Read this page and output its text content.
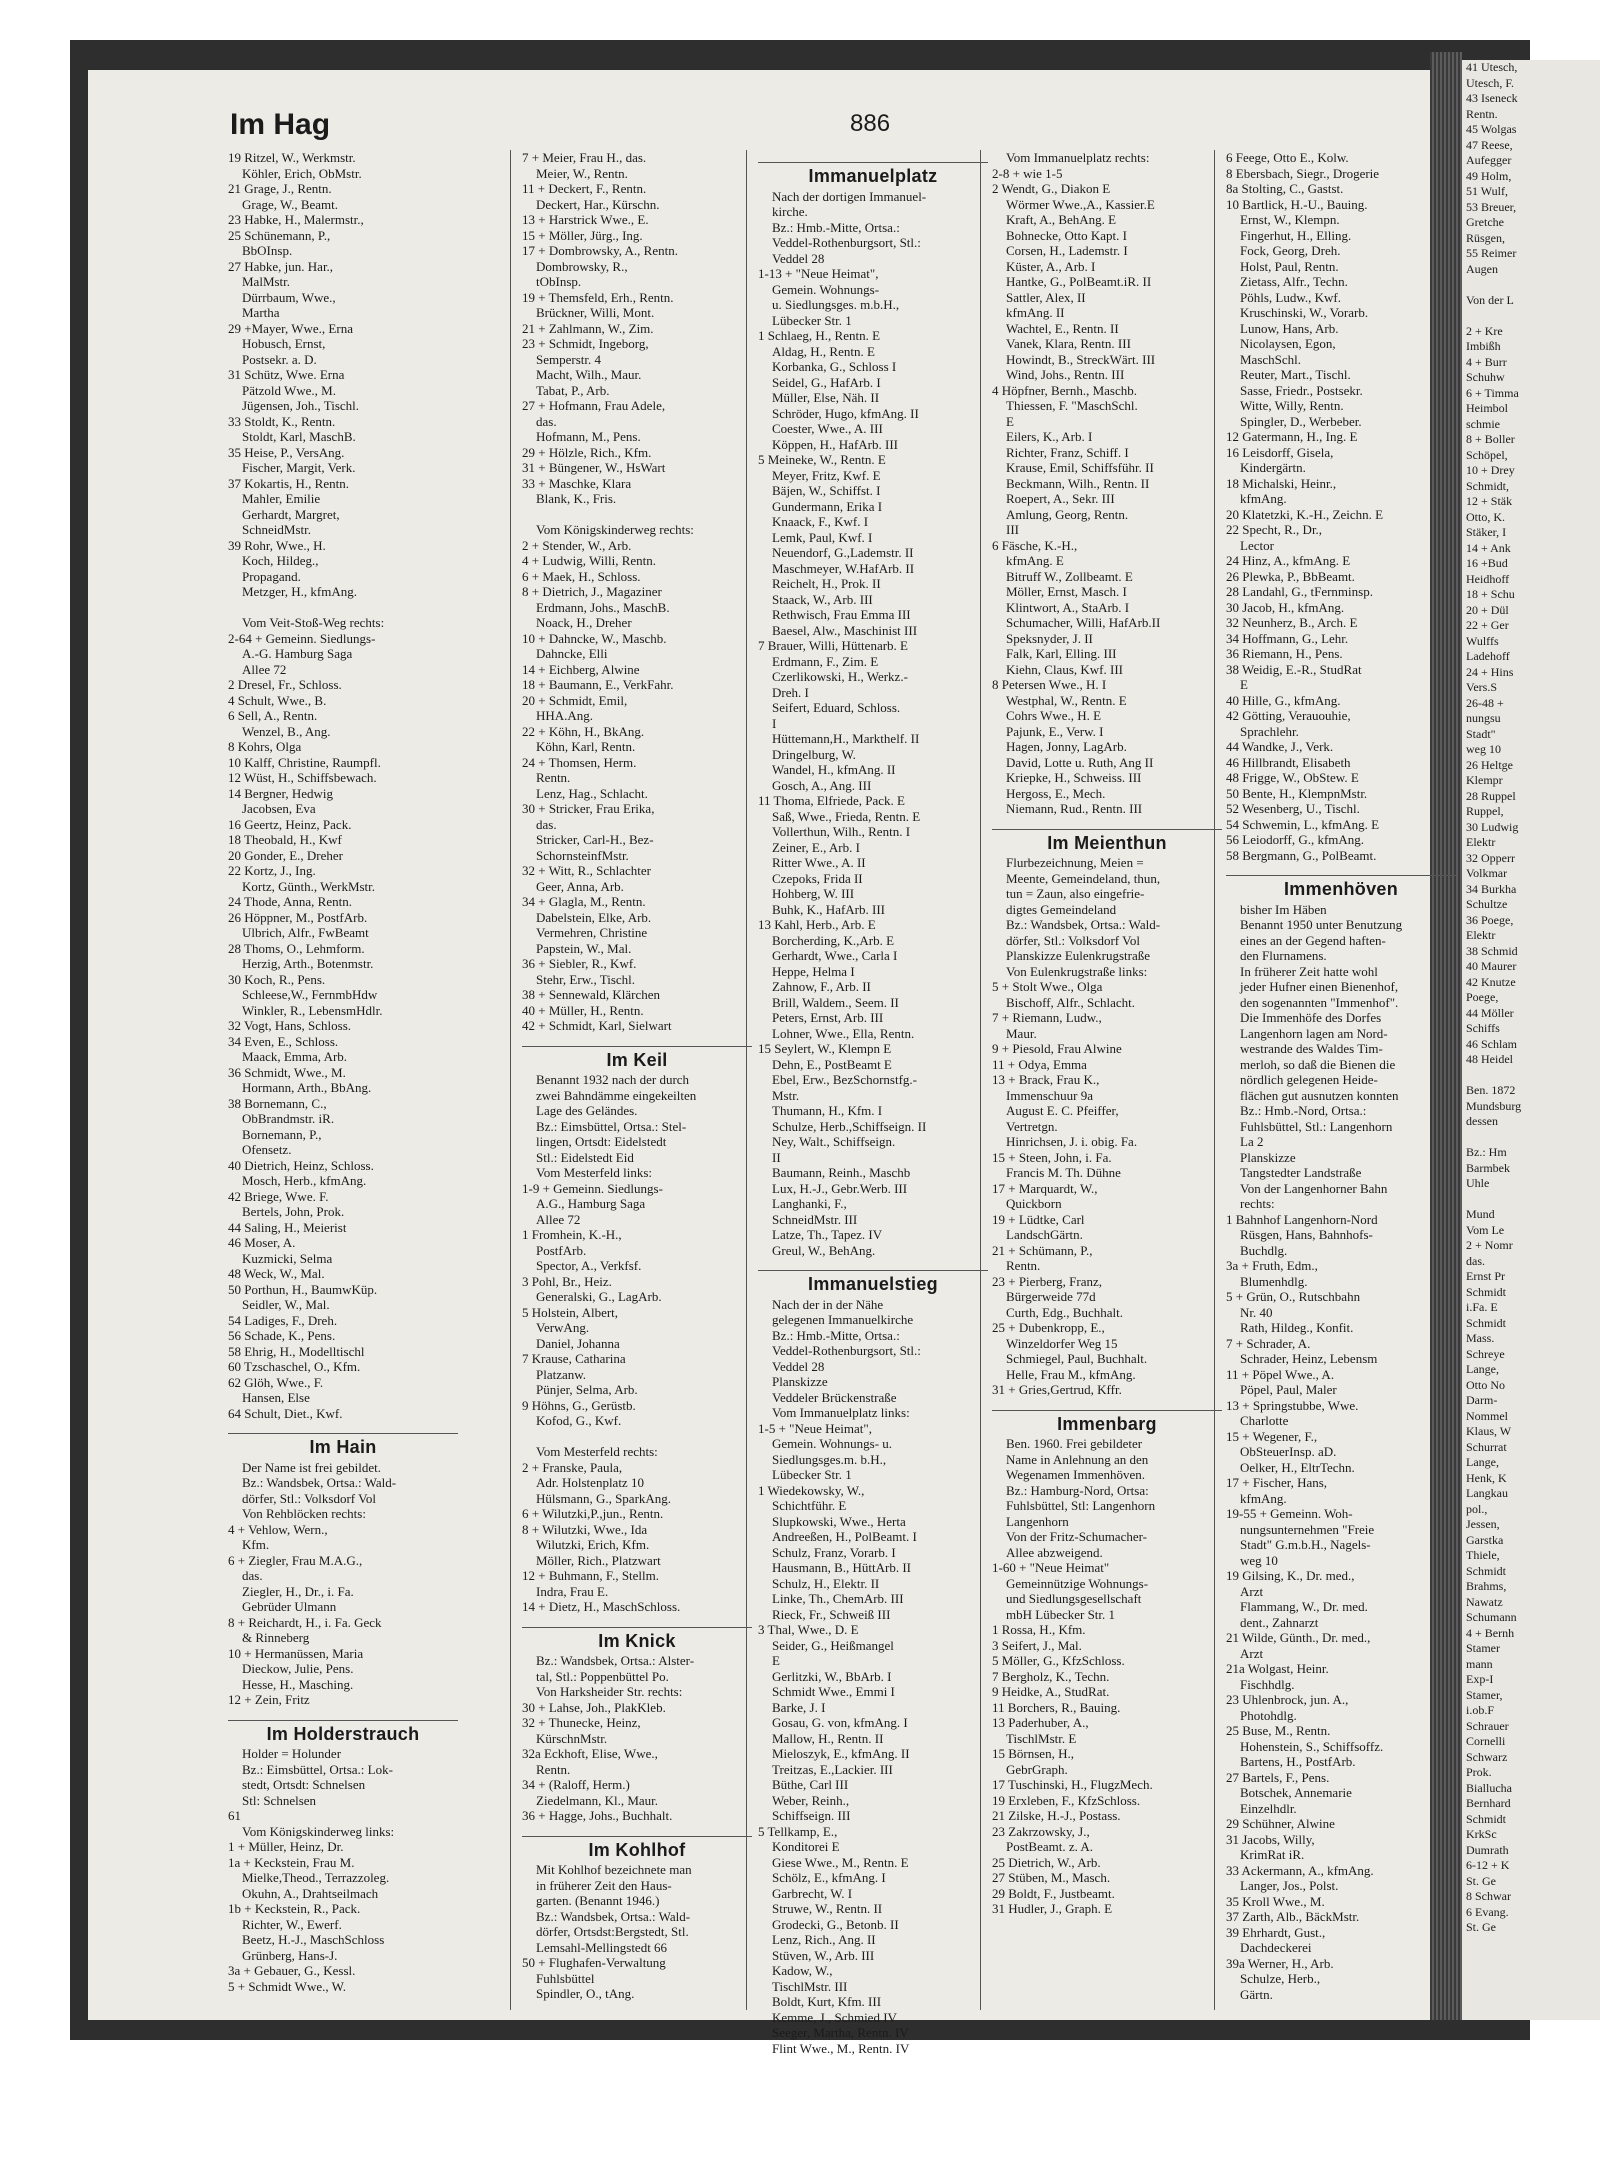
41 Utesch,
Utesch, F.
43 Iseneck
Rentn.
45 Wolgas
47 Reese,
Aufegger
49 Holm,
51 Wulf,
53 Breuer,
Gretche
Rüsgen,
55 Reimer
Augen

Von der L

2 + Kre
Imbißh
4 + Burr
Schuhw
6 + Timma
Heimbol
schmie
8 + Boller
Schöpel,
10 + Drey
Schmidt,
12 + Stäk
Otto, K.
Stäker, I
14 + Ank
16 +Bud
Heidhoff
18 + Schu
20 + Dül
22 + Ger
Wulffs
Ladehoff
24 + Hins
Vers.S
26-48 +
nungsu
Stadt"
weg 10
26 Heltge
Klempr
28 Ruppel
Ruppel,
30 Ludwig
Elektr
32 Opperr
Volkmar
34 Burkha
Schultze
36 Poege,
Elektr
38 Schmid
40 Maurer
42 Knutze
Poege,
44 Möller
Schiffs
46 Schlam
48 Heidel

Ben. 1872
Mundsburg
dessen

Bz.: Hm
Barmbek
Uhle

Mund
Vom Le
2 + Nomr
das.
Ernst Pr
Schmidt
i.Fa. E
Schmidt
Mass.
Schreye
Lange,
Otto No
Darm-
Nommel
Klaus, W
Schurrat
Lange,
Henk, K
Langkau
pol.,
Jessen,
Garstka
Thiele,
Schmidt
Brahms,
Nawatz
Schumann
4 + Bernh
Stamer
mann
Exp-I
Stamer,
i.ob.F
Schrauer
Cornelli
Schwarz
Prok.
Biallucha
Bernhard
Schmidt
KrkSc
Dumrath
6-12 + K
St. Ge
8 Schwar
6 Evang.
St. Ge
Im Hag	886
19 Ritzel, W., Werkmstr.
Köhler, Erich, ObMstr.
21 Grage, J., Rentn.
Grage, W., Beamt.
23 Habke, H., Malermstr.,
25 Schünemann, P.,
BbOInsp.
27 Habke, jun. Har.,
MalMstr.
Dürrbaum, Wwe.,
Martha
29 +Mayer, Wwe., Erna
Hobusch, Ernst,
Postsekr. a. D.
31 Schütz, Wwe. Erna
Pätzold Wwe., M.
Jügensen, Joh., Tischl.
33 Stoldt, K., Rentn.
Stoldt, Karl, MaschB.
35 Heise, P., VersAng.
Fischer, Margit, Verk.
37 Kokartis, H., Rentn.
Mahler, Emilie
Gerhardt, Margret,
SchneidMstr.
39 Rohr, Wwe., H.
Koch, Hildeg.,
Propagand.
Metzger, H., kfmAng.

Vom Veit-Stoß-Weg rechts:
2-64 + Gemeinn. Siedlungs-
A.-G. Hamburg Saga
Allee 72
2 Dresel, Fr., Schloss.
4 Schult, Wwe., B.
6 Sell, A., Rentn.
Wenzel, B., Ang.
8 Kohrs, Olga
10 Kalff, Christine, Raumpfl.
12 Wüst, H., Schiffsbewach.
14 Bergner, Hedwig
Jacobsen, Eva
16 Geertz, Heinz, Pack.
18 Theobald, H., Kwf
20 Gonder, E., Dreher
22 Kortz, J., Ing.
Kortz, Günth., WerkMstr.
24 Thode, Anna, Rentn.
26 Höppner, M., PostfArb.
Ulbrich, Alfr., FwBeamt
28 Thoms, O., Lehmform.
Herzig, Arth., Botenmstr.
30 Koch, R., Pens.
Schleese,W., FernmbHdw
Winkler, R., LebensmHdlr.
32 Vogt, Hans, Schloss.
34 Even, E., Schloss.
Maack, Emma, Arb.
36 Schmidt, Wwe., M.
Hormann, Arth., BbAng.
38 Bornemann, C.,
ObBrandmstr. iR.
Bornemann, P.,
Ofensetz.
40 Dietrich, Heinz, Schloss.
Mosch, Herb., kfmAng.
42 Briege, Wwe. F.
Bertels, John, Prok.
44 Saling, H., Meierist
46 Moser, A.
Kuzmicki, Selma
48 Weck, W., Mal.
50 Porthun, H., BaumwKüp.
Seidler, W., Mal.
54 Ladiges, F., Dreh.
56 Schade, K., Pens.
58 Ehrig, H., Modelltischl
60 Tzschaschel, O., Kfm.
62 Glöh, Wwe., F.
Hansen, Else
64 Schult, Diet., Kwf.
Im Hain
Der Name ist frei gebildet.
Bz.: Wandsbek, Ortsa.: Wald-
dörfer, Stl.: Volksdorf Vol
Von Rehblöcken rechts:
4 + Vehlow, Wern.,
Kfm.
6 + Ziegler, Frau M.A.G.,
das.
Ziegler, H., Dr., i. Fa.
Gebrüder Ulmann
8 + Reichardt, H., i. Fa. Geck
& Rinneberg
10 + Hermanüssen, Maria
Dieckow, Julie, Pens.
Hesse, H., Masching.
12 + Zein, Fritz
Im Holderstrauch
Holder = Holunder
Bz.: Eimsbüttel, Ortsa.: Lok-
stedt, Ortsdt: Schnelsen
Stl: Schnelsen
61
Vom Königskinderweg links:
1 + Müller, Heinz, Dr.
1a + Keckstein, Frau M.
Mielke,Theod., Terrazzoleg.
Okuhn, A., Drahtseilmach
1b + Keckstein, R., Pack.
Richter, W., Ewerf.
Beetz, H.-J., MaschSchloss
Grünberg, Hans-J.
3a + Gebauer, G., Kessl.
5 + Schmidt Wwe., W.
7 + Meier, Frau H., das.
Meier, W., Rentn.
11 + Deckert, F., Rentn.
Deckert, Har., Kürschn.
13 + Harstrick Wwe., E.
15 + Möller, Jürg., Ing.
17 + Dombrowsky, A., Rentn.
Dombrowsky, R.,
tObInsp.
19 + Themsfeld, Erh., Rentn.
Brückner, Willi, Mont.
21 + Zahlmann, W., Zim.
23 + Schmidt, Ingeborg,
Semperstr. 4
Macht, Wilh., Maur.
Tabat, P., Arb.
27 + Hofmann, Frau Adele,
das.
Hofmann, M., Pens.
29 + Hölzle, Rich., Kfm.
31 + Büngener, W., HsWart
33 + Maschke, Klara
Blank, K., Fris.

Vom Königskinderweg rechts:
2 + Stender, W., Arb.
4 + Ludwig, Willi, Rentn.
6 + Maek, H., Schloss.
8 + Dietrich, J., Magaziner
Erdmann, Johs., MaschB.
Noack, H., Dreher
10 + Dahncke, W., Maschb.
Dahncke, Elli
14 + Eichberg, Alwine
18 + Baumann, E., VerkFahr.
20 + Schmidt, Emil,
HHA.Ang.
22 + Köhn, H., BkAng.
Köhn, Karl, Rentn.
24 + Thomsen, Herm.
Rentn.
Lenz, Hag., Schlacht.
30 + Stricker, Frau Erika,
das.
Stricker, Carl-H., Bez-
SchornsteinfMstr.
32 + Witt, R., Schlachter
Geer, Anna, Arb.
34 + Glagla, M., Rentn.
Dabelstein, Elke, Arb.
Vermehren, Christine
Papstein, W., Mal.
36 + Siebler, R., Kwf.
Stehr, Erw., Tischl.
38 + Sennewald, Klärchen
40 + Müller, H., Rentn.
42 + Schmidt, Karl, Sielwart
Im Keil
Benannt 1932 nach der durch
zwei Bahndämme eingekeilten
Lage des Geländes.
Bz.: Eimsbüttel, Ortsa.: Stel-
lingen, Ortsdt: Eidelstedt
Stl.: Eidelstedt Eid
Vom Mesterfeld links:
1-9 + Gemeinn. Siedlungs-
A.G., Hamburg Saga
Allee 72
1 Fromhein, K.-H.,
PostfArb.
Spector, A., Verkfsf.
3 Pohl, Br., Heiz.
Generalski, G., LagArb.
5 Holstein, Albert,
VerwAng.
Daniel, Johanna
7 Krause, Catharina
Platzanw.
Pünjer, Selma, Arb.
9 Höhns, G., Gerüstb.
Kofod, G., Kwf.

Vom Mesterfeld rechts:
2 + Franske, Paula,
Adr. Holstenplatz 10
Hülsmann, G., SparkAng.
6 + Wilutzki,P.,jun., Rentn.
8 + Wilutzki, Wwe., Ida
Wilutzki, Erich, Kfm.
Möller, Rich., Platzwart
12 + Buhmann, F., Stellm.
Indra, Frau E.
14 + Dietz, H., MaschSchloss.
Im Knick
Bz.: Wandsbek, Ortsa.: Alster-
tal, Stl.: Poppenbüttel Po.
Von Harksheider Str. rechts:
30 + Lahse, Joh., PlakKleb.
32 + Thunecke, Heinz,
KürschnMstr.
32a Eckhoft, Elise, Wwe.,
Rentn.
34 + (Raloff, Herm.)
Ziedelmann, Kl., Maur.
36 + Hagge, Johs., Buchhalt.
Im Kohlhof
Mit Kohlhof bezeichnete man
in früherer Zeit den Haus-
garten. (Benannt 1946.)
Bz.: Wandsbek, Ortsa.: Wald-
dörfer, Ortsdst:Bergstedt, Stl.
Lemsahl-Mellingstedt 66
50 + Flughafen-Verwaltung
Fuhlsbüttel
Spindler, O., tAng.
Immanuelplatz
Nach der dortigen Immanuel-
kirche.
Bz.: Hmb.-Mitte, Ortsa.:
Veddel-Rothenburgsort, Stl.:
Veddel 28
1-13 + "Neue Heimat",
Gemein. Wohnungs-
u. Siedlungsges. m.b.H.,
Lübecker Str. 1
1 Schlaeg, H., Rentn. E
Aldag, H., Rentn. E
Korbanka, G., Schloss I
Seidel, G., HafArb. I
Müller, Else, Näh. II
Schröder, Hugo, kfmAng. II
Coester, Wwe., A. III
Köppen, H., HafArb. III
5 Meineke, W., Rentn. E
Meyer, Fritz, Kwf. E
Bäjen, W., Schiffst. I
Gundermann, Erika I
Knaack, F., Kwf. I
Lemk, Paul, Kwf. I
Neuendorf, G.,Lademstr. II
Maschmeyer, W.HafArb. II
Reichelt, H., Prok. II
Staack, W., Arb. III
Rethwisch, Frau Emma III
Baesel, Alw., Maschinist III
7 Brauer, Willi, Hüttenarb. E
Erdmann, F., Zim. E
Czerlikowski, H., Werkz.-
Dreh. I
Seifert, Eduard, Schloss.
I
Hüttemann,H., Markthelf. II
Dringelburg, W.
Wandel, H., kfmAng. II
Gosch, A., Ang. III
11 Thoma, Elfriede, Pack. E
Saß, Wwe., Frieda, Rentn. E
Vollerthun, Wilh., Rentn. I
Zeiner, E., Arb. I
Ritter Wwe., A. II
Czepoks, Frida II
Hohberg, W. III
Buhk, K., HafArb. III
13 Kahl, Herb., Arb. E
Borcherding, K.,Arb. E
Gerhardt, Wwe., Carla I
Heppe, Helma I
Zahnow, F., Arb. II
Brill, Waldem., Seem. II
Peters, Ernst, Arb. III
Lohner, Wwe., Ella, Rentn.
15 Seylert, W., Klempn E
Dehn, E., PostBeamt E
Ebel, Erw., BezSchornstfg.-
Mstr.
Thumann, H., Kfm. I
Schulze, Herb.,Schiffseign. II
Ney, Walt., Schiffseign.
II
Baumann, Reinh., Maschb
Lux, H.-J., Gebr.Werb. III
Langhanki, F.,
SchneidMstr. III
Latze, Th., Tapez. IV
Greul, W., BehAng.
Immanuelstieg
Nach der in der Nähe
gelegenen Immanuelkirche
Bz.: Hmb.-Mitte, Ortsa.:
Veddel-Rothenburgsort, Stl.:
Veddel 28
Planskizze
Veddeler Brückenstraße
Vom Immanuelplatz links:
1-5 + "Neue Heimat",
Gemein. Wohnungs- u.
Siedlungsges.m. b.H.,
Lübecker Str. 1
1 Wiedekowsky, W.,
Schichtführ. E
Slupkowski, Wwe., Herta
Andreeßen, H., PolBeamt. I
Schulz, Franz, Vorarb. I
Hausmann, B., HüttArb. II
Schulz, H., Elektr. II
Linke, Th., ChemArb. III
Rieck, Fr., Schweiß III
3 Thal, Wwe., D. E
Seider, G., Heißmangel
E
Gerlitzki, W., BbArb. I
Schmidt Wwe., Emmi I
Barke, J. I
Gosau, G. von, kfmAng. I
Mallow, H., Rentn. II
Mieloszyk, E., kfmAng. II
Treitzas, E.,Lackier. III
Büthe, Carl III
Weber, Reinh.,
Schiffseign. III
5 Tellkamp, E.,
Konditorei E
Giese Wwe., M., Rentn. E
Schölz, E., kfmAng. I
Garbrecht, W. I
Struwe, W., Rentn. II
Grodecki, G., Betonb. II
Lenz, Rich., Ang. II
Stüven, W., Arb. III
Kadow, W.,
TischlMstr. III
Boldt, Kurt, Kfm. III
Kemme, J., Schmied IV
Seeger, Martha, Rentn. IV
Flint Wwe., M., Rentn. IV
Vom Immanuelplatz rechts:
2-8 + wie 1-5
2 Wendt, G., Diakon E
Wörmer Wwe.,A., Kassier.E
Kraft, A., BehAng. E
Bohnecke, Otto Kapt. I
Corsen, H., Lademstr. I
Küster, A., Arb. I
Hantke, G., PolBeamt.iR. II
Sattler, Alex, II
kfmAng. II
Wachtel, E., Rentn. II
Vanek, Klara, Rentn. III
Howindt, B., StreckWärt. III
Wind, Johs., Rentn. III
4 Höpfner, Bernh., Maschb.
Thiessen, F. "MaschSchl.
E
Eilers, K., Arb. I
Richter, Franz, Schiff. I
Krause, Emil, Schiffsführ. II
Beckmann, Wilh., Rentn. II
Roepert, A., Sekr. III
Amlung, Georg, Rentn.
III
6 Fäsche, K.-H.,
kfmAng. E
Bitruff W., Zollbeamt. E
Möller, Ernst, Masch. I
Klintwort, A., StaArb. I
Schumacher, Willi, HafArb.II
Speksnyder, J. II
Falk, Karl, Elling. III
Kiehn, Claus, Kwf. III
8 Petersen Wwe., H. I
Westphal, W., Rentn. E
Cohrs Wwe., H. E
Pajunk, E., Verw. I
Hagen, Jonny, LagArb.
David, Lotte u. Ruth, Ang II
Kriepke, H., Schweiss. III
Hergoss, E., Mech.
Niemann, Rud., Rentn. III
Im Meienthun
Flurbezeichnung, Meien =
Meente, Gemeindeland, thun,
tun = Zaun, also eingefrie-
digtes Gemeindeland
Bz.: Wandsbek, Ortsa.: Wald-
dörfer, Stl.: Volksdorf Vol
Planskizze Eulenkrugstraße
Von Eulenkrugstraße links:
5 + Stolt Wwe., Olga
Bischoff, Alfr., Schlacht.
7 + Riemann, Ludw.,
Maur.
9 + Piesold, Frau Alwine
11 + Odya, Emma
13 + Brack, Frau K.,
Immenschuur 9a
August E. C. Pfeiffer,
Vertretgn.
Hinrichsen, J. i. obig. Fa.
15 + Steen, John, i. Fa.
Francis M. Th. Dühne
17 + Marquardt, W.,
Quickborn
19 + Lüdtke, Carl
LandschGärtn.
21 + Schümann, P.,
Rentn.
23 + Pierberg, Franz,
Bürgerweide 77d
Curth, Edg., Buchhalt.
25 + Dubenkropp, E.,
Winzeldorfer Weg 15
Schmiegel, Paul, Buchhalt.
Helle, Frau M., kfmAng.
31 + Gries,Gertrud, Kffr.
Immenbarg
Ben. 1960. Frei gebildeter
Name in Anlehnung an den
Wegenamen Immenhöven.
Bz.: Hamburg-Nord, Ortsa:
Fuhlsbüttel, Stl: Langenhorn
Langenhorn
Von der Fritz-Schumacher-
Allee abzweigend.
1-60 + "Neue Heimat"
Gemeinnützige Wohnungs-
und Siedlungsgesellschaft
mbH Lübecker Str. 1
1 Rossa, H., Kfm.
3 Seifert, J., Mal.
5 Möller, G., KfzSchloss.
7 Bergholz, K., Techn.
9 Heidke, A., StudRat.
11 Borchers, R., Bauing.
13 Paderhuber, A.,
TischlMstr. E
15 Börnsen, H.,
GebrGraph.
17 Tuschinski, H., FlugzMech.
19 Erxleben, F., KfzSchloss.
21 Zilske, H.-J., Postass.
23 Zakrzowsky, J.,
PostBeamt. z. A.
25 Dietrich, W., Arb.
27 Stüben, M., Masch.
29 Boldt, F., Justbeamt.
31 Hudler, J., Graph. E
6 Feege, Otto E., Kolw.
8 Ebersbach, Siegr., Drogerie
8a Stolting, C., Gastst.
10 Bartlick, H.-U., Bauing.
Ernst, W., Klempn.
Fingerhut, H., Elling.
Fock, Georg, Dreh.
Holst, Paul, Rentn.
Zietass, Alfr., Techn.
Pöhls, Ludw., Kwf.
Kruschinski, W., Vorarb.
Lunow, Hans, Arb.
Nicolaysen, Egon,
MaschSchl.
Reuter, Mart., Tischl.
Sasse, Friedr., Postsekr.
Witte, Willy, Rentn.
Spingler, D., Werbeber.
12 Gatermann, H., Ing. E
16 Leisdorff, Gisela,
Kindergärtn.
18 Michalski, Heinr.,
kfmAng.
20 Klatetzki, K.-H., Zeichn. E
22 Specht, R., Dr.,
Lector
24 Hinz, A., kfmAng. E
26 Plewka, P., BbBeamt.
28 Landahl, G., tFernminsp.
30 Jacob, H., kfmAng.
32 Neunherz, B., Arch. E
34 Hoffmann, G., Lehr.
36 Riemann, H., Pens.
38 Weidig, E.-R., StudRat
E
40 Hille, G., kfmAng.
42 Götting, Verauouhie,
Sprachlehr.
44 Wandke, J., Verk.
46 Hillbrandt, Elisabeth
48 Frigge, W., ObStew. E
50 Bente, H., KlempnMstr.
52 Wesenberg, U., Tischl.
54 Schwemin, L., kfmAng. E
56 Leiodorff, G., kfmAng.
58 Bergmann, G., PolBeamt.
Immenhöven
bisher Im Häben
Benannt 1950 unter Benutzung
eines an der Gegend haften-
den Flurnamens.
In früherer Zeit hatte wohl
jeder Hufner einen Bienenhof,
den sogenannten "Immenhof".
Die Immenhöfe des Dorfes
Langenhorn lagen am Nord-
westrande des Waldes Tim-
merloh, so daß die Bienen die
nördlich gelegenen Heide-
flächen gut ausnutzen konnten
Bz.: Hmb.-Nord, Ortsa.:
Fuhlsbüttel, Stl.: Langenhorn
La 2
Planskizze
Tangstedter Landstraße
Von der Langenhorner Bahn
rechts:
1 Bahnhof Langenhorn-Nord
Rüsgen, Hans, Bahnhofs-
Buchdlg.
3a + Fruth, Edm.,
Blumenhdlg.
5 + Grün, O., Rutschbahn
Nr. 40
Rath, Hildeg., Konfit.
7 + Schrader, A.
Schrader, Heinz, Lebensm
11 + Pöpel Wwe., A.
Pöpel, Paul, Maler
13 + Springstubbe, Wwe.
Charlotte
15 + Wegener, F.,
ObSteuerInsp. aD.
Oelker, H., EltrTechn.
17 + Fischer, Hans,
kfmAng.
19-55 + Gemeinn. Woh-
nungsunternehmen "Freie
Stadt" G.m.b.H., Nagels-
weg 10
19 Gilsing, K., Dr. med.,
Arzt
Flammang, W., Dr. med.
dent., Zahnarzt
21 Wilde, Günth., Dr. med.,
Arzt
21a Wolgast, Heinr.
Fischhdlg.
23 Uhlenbrock, jun. A.,
Photohdlg.
25 Buse, M., Rentn.
Hohenstein, S., Schiffsoffz.
Bartens, H., PostfArb.
27 Bartels, F., Pens.
Botschek, Annemarie
Einzelhdlr.
29 Schühner, Alwine
31 Jacobs, Willy,
KrimRat iR.
33 Ackermann, A., kfmAng.
Langer, Jos., Polst.
35 Kroll Wwe., M.
37 Zarth, Alb., BäckMstr.
39 Ehrhardt, Gust.,
Dachdeckerei
39a Werner, H., Arb.
Schulze, Herb.,
Gärtn.
